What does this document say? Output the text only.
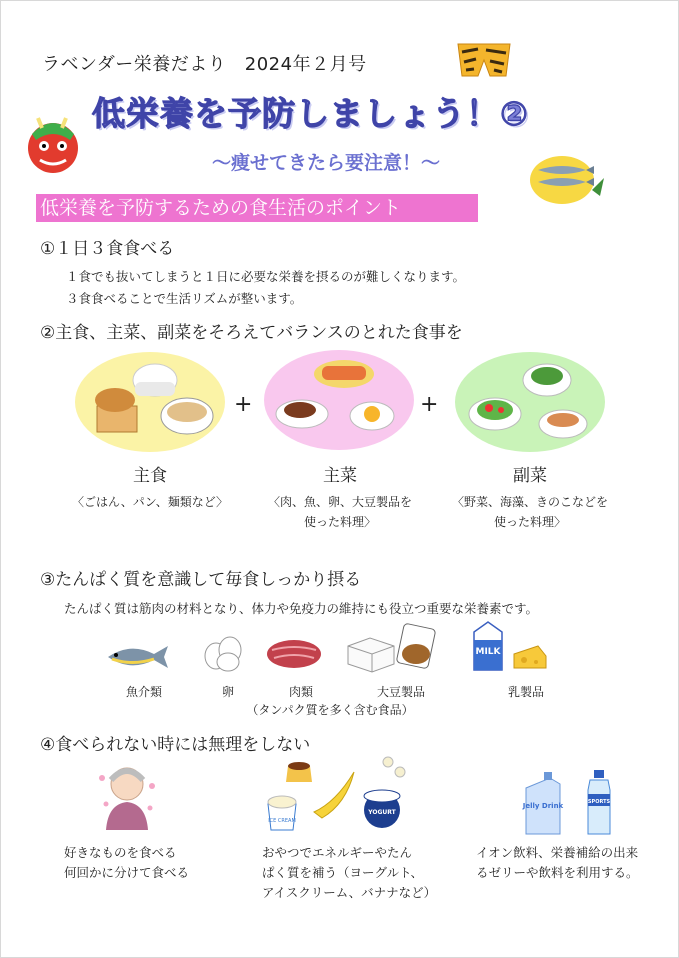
ラベンダー栄養だより　2024年２月号
低栄養を予防しましょう！②
～痩せてきたら要注意！～
低栄養を予防するための食生活のポイント
①１日３食食べる
１食でも抜いてしまうと１日に必要な栄養を摂るのが難しくなります。
３食食べることで生活リズムが整います。
②主食、主菜、副菜をそろえてバランスのとれた食事を
+	+
主食	主菜	副菜
〈ごはん、パン、麺類など〉	〈肉、魚、卵、大豆製品を
使った料理〉
〈野菜、海藻、きのこなどを
使った料理〉
③たんぱく質を意識して毎食しっかり摂る
たんぱく質は筋肉の材料となり、体力や免疫力の維持にも役立つ重要な栄養素です。
MILK
魚介類	卵	肉類	大豆製品	乳製品
（タンパク質を多く含む食品）
④食べられない時には無理をしない
ICE CREAM
YOGURT
Jelly Drink	SPORTS
好きなものを食べる
何回かに分けて食べる
おやつでエネルギーやたん
ぱく質を補う（ヨーグルト、
アイスクリーム、バナナなど）
イオン飲料、栄養補給の出来
るゼリーや飲料を利用する。
